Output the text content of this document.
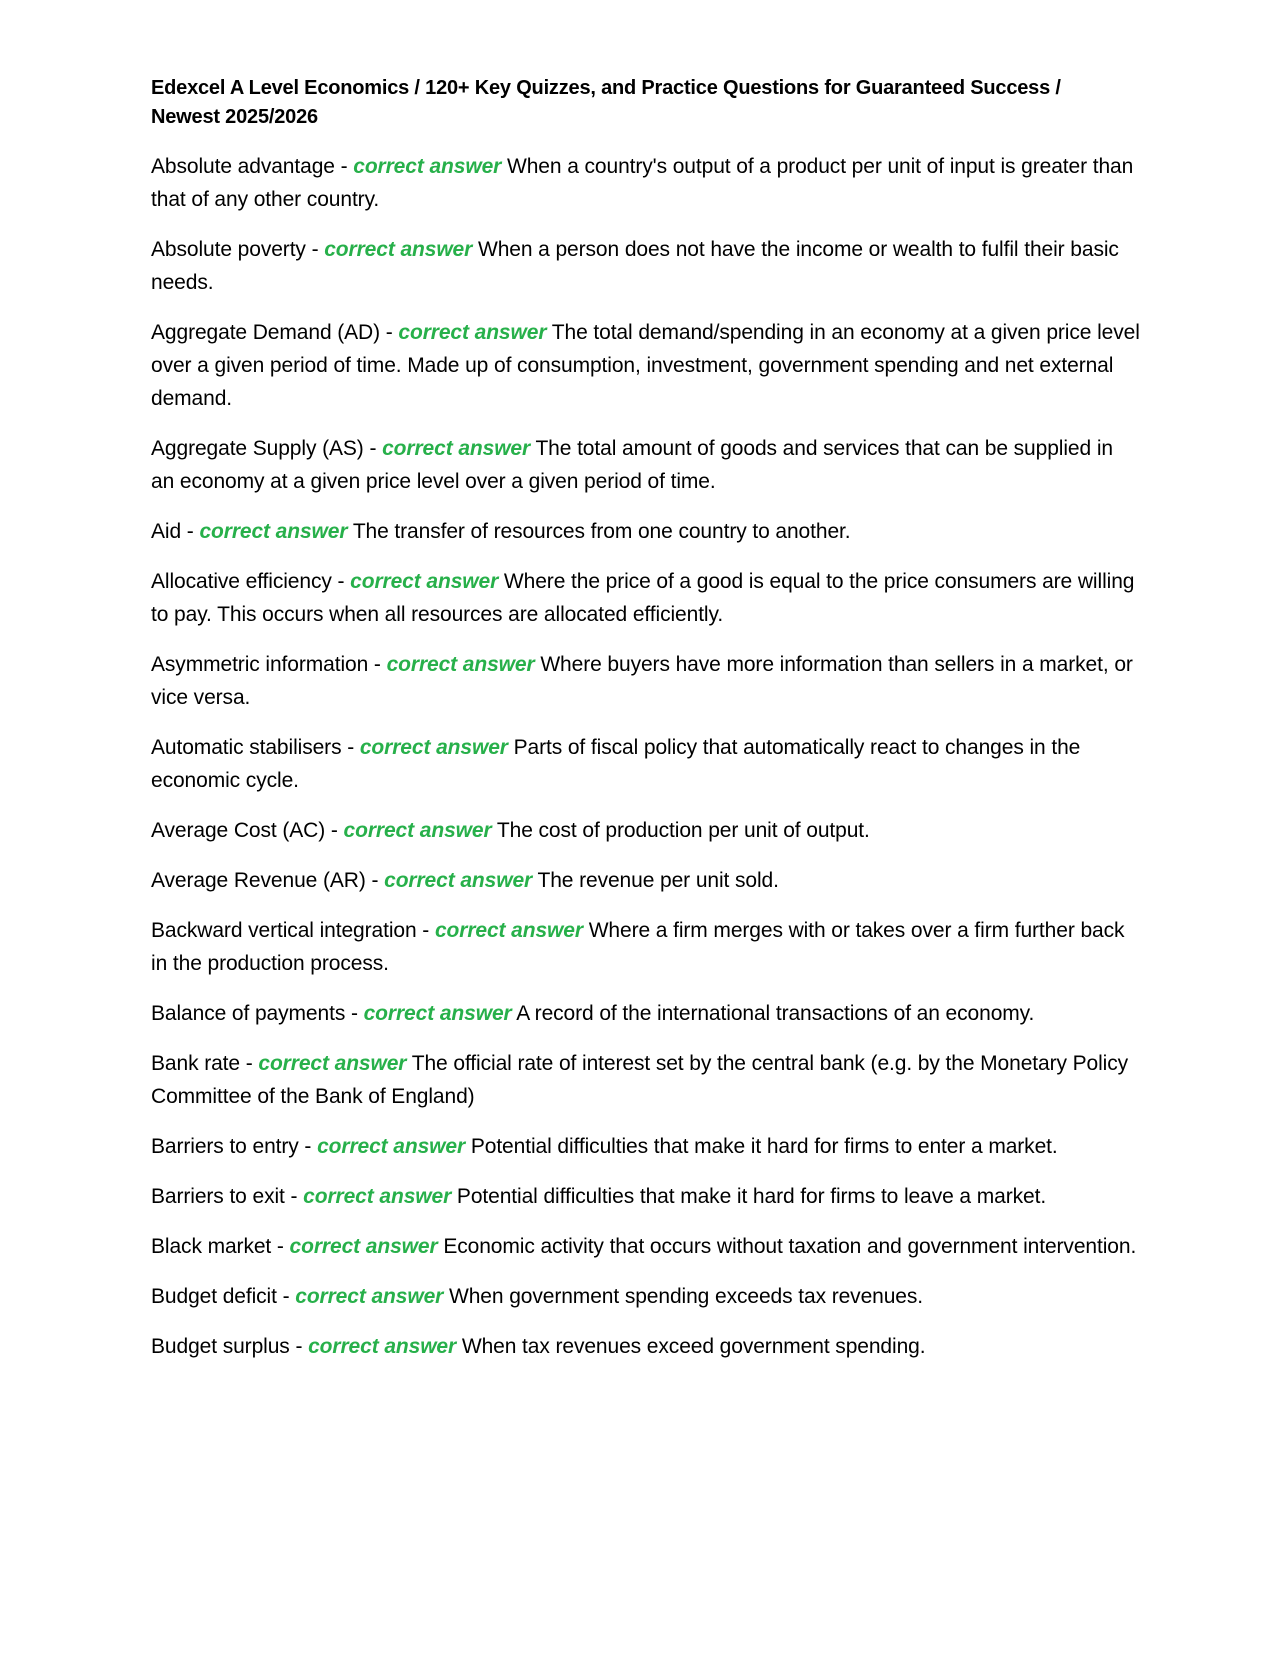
Edexcel A Level Economics / 120+ Key Quizzes, and Practice Questions for Guaranteed Success /
Newest 2025/2026
Absolute advantage - correct answer When a country's output of a product per unit of input is greater than that of any other country.
Absolute poverty - correct answer When a person does not have the income or wealth to fulfil their basic needs.
Aggregate Demand (AD) - correct answer The total demand/spending in an economy at a given price level over a given period of time. Made up of consumption, investment, government spending and net external demand.
Aggregate Supply (AS) - correct answer The total amount of goods and services that can be supplied in an economy at a given price level over a given period of time.
Aid - correct answer The transfer of resources from one country to another.
Allocative efficiency - correct answer Where the price of a good is equal to the price consumers are willing to pay. This occurs when all resources are allocated efficiently.
Asymmetric information - correct answer Where buyers have more information than sellers in a market, or vice versa.
Automatic stabilisers - correct answer Parts of fiscal policy that automatically react to changes in the economic cycle.
Average Cost (AC) - correct answer The cost of production per unit of output.
Average Revenue (AR) - correct answer The revenue per unit sold.
Backward vertical integration - correct answer Where a firm merges with or takes over a firm further back in the production process.
Balance of payments - correct answer A record of the international transactions of an economy.
Bank rate - correct answer The official rate of interest set by the central bank (e.g. by the Monetary Policy Committee of the Bank of England)
Barriers to entry - correct answer Potential difficulties that make it hard for firms to enter a market.
Barriers to exit - correct answer Potential difficulties that make it hard for firms to leave a market.
Black market - correct answer Economic activity that occurs without taxation and government intervention.
Budget deficit - correct answer When government spending exceeds tax revenues.
Budget surplus - correct answer When tax revenues exceed government spending.
